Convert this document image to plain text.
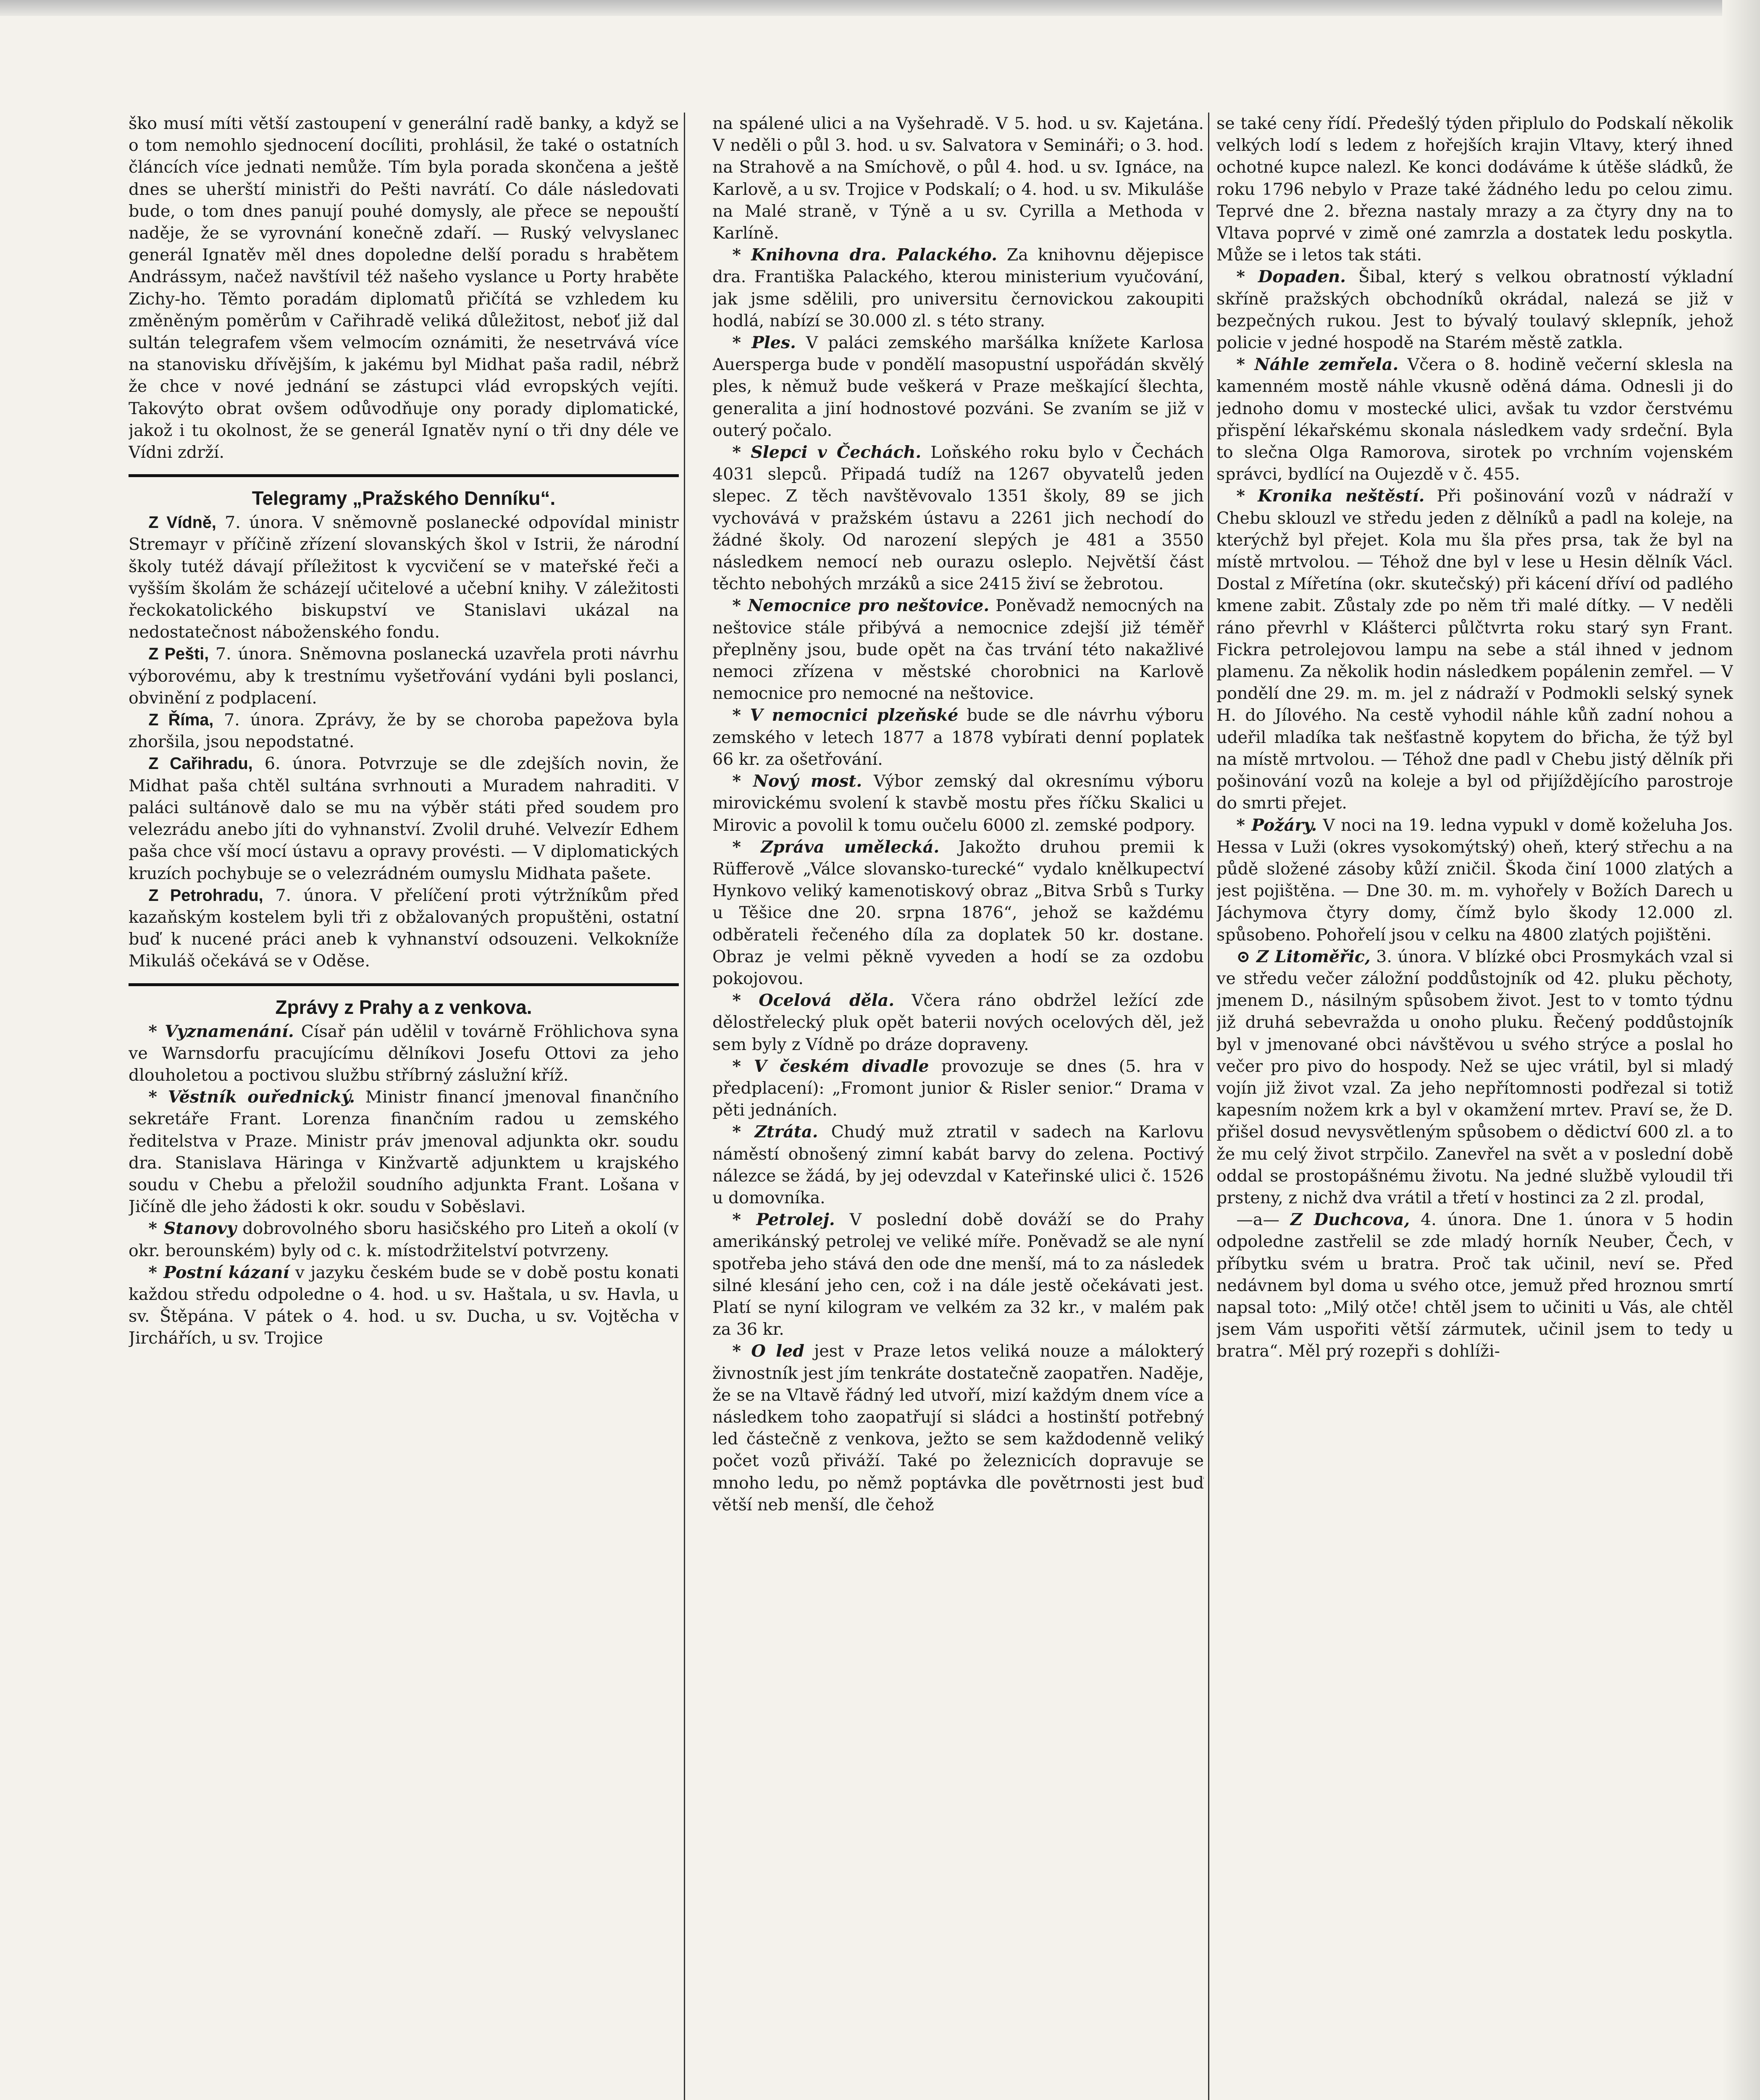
ško musí míti větší zastoupení v generální radě banky, a když se o tom nemohlo sjednocení docíliti, prohlásil, že také o ostatních článcích více jednati nemůže. Tím byla porada skončena a ještě dnes se uherští ministři do Pešti navrátí. Co dále následovati bude, o tom dnes panují pouhé domysly, ale přece se nepouští naděje, že se vyrovnání konečně zdaří. — Ruský velvyslanec generál Ignatěv měl dnes dopoledne delší poradu s hrabětem Andrássym, načež navštívil též našeho vyslance u Porty hraběte Zichy-ho. Těmto poradám diplomatů přičítá se vzhledem ku změněným poměrům v Cařihradě veliká důležitost, neboť již dal sultán telegrafem všem velmocím oznámiti, že nesetrvává více na stanovisku dřívějším, k jakému byl Midhat paša radil, nébrž že chce v nové jednání se zástupci vlád evropských vejíti. Takovýto obrat ovšem odůvodňuje ony porady diplomatické, jakož i tu okolnost, že se generál Ignatěv nyní o tři dny déle ve Vídni zdrží.

Telegramy „Pražského Denníku“.

Z Vídně, 7. února. V sněmovně poslanecké odpovídal ministr Stremayr v příčině zřízení slovanských škol v Istrii, že národní školy tutéž dávají příležitost k vycvičení se v mateřské řeči a vyšším školám že scházejí učitelové a učební knihy. V záležitosti řeckokatolického biskupství ve Stanislavi ukázal na nedostatečnost náboženského fondu.

Z Pešti, 7. února. Sněmovna poslanecká uzavřela proti návrhu výborovému, aby k trestnímu vyšetřování vydáni byli poslanci, obvinění z podplacení.

Z Říma, 7. února. Zprávy, že by se choroba papežova byla zhoršila, jsou nepodstatné.

Z Cařihradu, 6. února. Potvrzuje se dle zdejších novin, že Midhat paša chtěl sultána svrhnouti a Muradem nahraditi. V paláci sultánově dalo se mu na výběr státi před soudem pro velezrádu anebo jíti do vyhnanství. Zvolil druhé. Velvezír Edhem paša chce vší mocí ústavu a opravy provésti. — V diplomatických kruzích pochybuje se o velezrádném oumyslu Midhata pašete.

Z Petrohradu, 7. února. V přelíčení proti výtržníkům před kazaňským kostelem byli tři z obžalovaných propuštěni, ostatní buď k nucené práci aneb k vyhnanství odsouzeni. Velkokníže Mikuláš očekává se v Oděse.

Zprávy z Prahy a z venkova.

* Vyznamenání. Císař pán udělil v továrně Fröhlichova syna ve Warnsdorfu pracujícímu dělníkovi Josefu Ottovi za jeho dlouholetou a poctivou službu stříbrný záslužní kříž.

* Věstník ouřednický. Ministr financí jmenoval finančního sekretáře Frant. Lorenza finančním radou u zemského ředitelstva v Praze. Ministr práv jmenoval adjunkta okr. soudu dra. Stanislava Häringa v Kinžvartě adjunktem u krajského soudu v Chebu a přeložil soudního adjunkta Frant. Lošana v Jičíně dle jeho žádosti k okr. soudu v Soběslavi.

* Stanovy dobrovolného sboru hasičského pro Liteň a okolí (v okr. berounském) byly od c. k. místodržitelství potvrzeny.

* Postní kázaní v jazyku českém bude se v době postu konati každou středu odpoledne o 4. hod. u sv. Haštala, u sv. Havla, u sv. Štěpána. V pátek o 4. hod. u sv. Ducha, u sv. Vojtěcha v Jirchářích, u sv. Trojice

na spálené ulici a na Vyšehradě. V 5. hod. u sv. Kajetána. V neděli o půl 3. hod. u sv. Salvatora v Semináři; o 3. hod. na Strahově a na Smíchově, o půl 4. hod. u sv. Ignáce, na Karlově, a u sv. Trojice v Podskalí; o 4. hod. u sv. Mikuláše na Malé straně, v Týně a u sv. Cyrilla a Methoda v Karlíně.

* Knihovna dra. Palackého. Za knihovnu dějepisce dra. Františka Palackého, kterou ministerium vyučování, jak jsme sdělili, pro universitu černovickou zakoupiti hodlá, nabízí se 30.000 zl. s této strany.

* Ples. V paláci zemského maršálka knížete Karlosa Auersperga bude v pondělí masopustní uspořádán skvělý ples, k němuž bude veškerá v Praze meškající šlechta, generalita a jiní hodnostové pozváni. Se zvaním se již v outerý počalo.

* Slepci v Čechách. Loňského roku bylo v Čechách 4031 slepců. Připadá tudíž na 1267 obyvatelů jeden slepec. Z těch navštěvovalo 1351 školy, 89 se jich vychovává v pražském ústavu a 2261 jich nechodí do žádné školy. Od narození slepých je 481 a 3550 následkem nemocí neb ourazu osleplo. Největší část těchto nebohých mrzáků a sice 2415 živí se žebrotou.

* Nemocnice pro neštovice. Poněvadž nemocných na neštovice stále přibývá a nemocnice zdejší již téměř přeplněny jsou, bude opět na čas trvání této nakažlivé nemoci zřízena v městské chorobnici na Karlově nemocnice pro nemocné na neštovice.

* V nemocnici plzeňské bude se dle návrhu výboru zemského v letech 1877 a 1878 vybírati denní poplatek 66 kr. za ošetřování.

* Nový most. Výbor zemský dal okresnímu výboru mirovickému svolení k stavbě mostu přes říčku Skalici u Mirovic a povolil k tomu oučelu 6000 zl. zemské podpory.

* Zpráva umělecká. Jakožto druhou premii k Rüfferově „Válce slovansko-turecké“ vydalo knělkupectví Hynkovo veliký kamenotiskový obraz „Bitva Srbů s Turky u Těšice dne 20. srpna 1876“, jehož se každému odběrateli řečeného díla za doplatek 50 kr. dostane. Obraz je velmi pěkně vyveden a hodí se za ozdobu pokojovou.

* Ocelová děla. Včera ráno obdržel ležící zde dělostřelecký pluk opět baterii nových ocelových děl, jež sem byly z Vídně po dráze dopraveny.

* V českém divadle provozuje se dnes (5. hra v předplacení): „Fromont junior & Risler senior.“ Drama v pěti jednáních.

* Ztráta. Chudý muž ztratil v sadech na Karlovu náměstí obnošený zimní kabát barvy do zelena. Poctivý nálezce se žádá, by jej odevzdal v Kateřinské ulici č. 1526 u domovníka.

* Petrolej. V poslední době dováží se do Prahy amerikánský petrolej ve veliké míře. Poněvadž se ale nyní spotřeba jeho stává den ode dne menší, má to za následek silné klesání jeho cen, což i na dále jestě očekávati jest. Platí se nyní kilogram ve velkém za 32 kr., v malém pak za 36 kr.

* O led jest v Praze letos veliká nouze a málokterý živnostník jest jím tenkráte dostatečně zaopatřen. Naděje, že se na Vltavě řádný led utvoří, mizí každým dnem více a následkem toho zaopatřují si sládci a hostinští potřebný led částečně z venkova, ježto se sem každodenně veliký počet vozů přiváží. Také po železnicích dopravuje se mnoho ledu, po němž poptávka dle povětrnosti jest buď větší neb menší, dle čehož

se také ceny řídí. Předešlý týden připlulo do Podskalí několik velkých lodí s ledem z hořejších krajin Vltavy, který ihned ochotné kupce nalezl. Ke konci dodáváme k útěše sládků, že roku 1796 nebylo v Praze také žádného ledu po celou zimu. Teprvé dne 2. března nastaly mrazy a za čtyry dny na to Vltava poprvé v zimě oné zamrzla a dostatek ledu poskytla. Může se i letos tak státi.

* Dopaden. Šibal, který s velkou obratností výkladní skříně pražských obchodníků okrádal, nalezá se již v bezpečných rukou. Jest to bývalý toulavý sklepník, jehož policie v jedné hospodě na Starém městě zatkla.

* Náhle zemřela. Včera o 8. hodině večerní sklesla na kamenném mostě náhle vkusně oděná dáma. Odnesli ji do jednoho domu v mostecké ulici, avšak tu vzdor čerstvému přispění lékařskému skonala následkem vady srdeční. Byla to slečna Olga Ramorova, sirotek po vrchním vojenském správci, bydlící na Oujezdě v č. 455.

* Kronika neštěstí. Při pošinování vozů v nádraží v Chebu sklouzl ve středu jeden z dělníků a padl na koleje, na kterýchž byl přejet. Kola mu šla přes prsa, tak že byl na místě mrtvolou. — Téhož dne byl v lese u Hesin dělník Václ. Dostal z Mířetína (okr. skutečský) při kácení dříví od padlého kmene zabit. Zůstaly zde po něm tři malé dítky. — V neděli ráno převrhl v Klášterci půlčtvrta roku starý syn Frant. Fickra petrolejovou lampu na sebe a stál ihned v jednom plamenu. Za několik hodin následkem popálenin zemřel. — V pondělí dne 29. m. m. jel z nádraží v Podmokli selský synek H. do Jílového. Na cestě vyhodil náhle kůň zadní nohou a udeřil mladíka tak nešťastně kopytem do břicha, že týž byl na místě mrtvolou. — Téhož dne padl v Chebu jistý dělník při pošinování vozů na koleje a byl od přijíždějícího parostroje do smrti přejet.

* Požáry. V noci na 19. ledna vypukl v domě koželuha Jos. Hessa v Luži (okres vysokomýtský) oheň, který střechu a na půdě složené zásoby kůží zničil. Škoda činí 1000 zlatých a jest pojištěna. — Dne 30. m. m. vyhořely v Božích Darech u Jáchymova čtyry domy, čímž bylo škody 12.000 zl. spůsobeno. Pohořelí jsou v celku na 4800 zlatých pojištěni.

⊙ Z Litoměřic, 3. února. V blízké obci Prosmykách vzal si ve středu večer záložní poddůstojník od 42. pluku pěchoty, jmenem D., násilným spůsobem život. Jest to v tomto týdnu již druhá sebevražda u onoho pluku. Řečený poddůstojník byl v jmenované obci návštěvou u svého strýce a poslal ho večer pro pivo do hospody. Než se ujec vrátil, byl si mladý vojín již život vzal. Za jeho nepřítomnosti podřezal si totiž kapesním nožem krk a byl v okamžení mrtev. Praví se, že D. přišel dosud nevysvětleným spůsobem o dědictví 600 zl. a to že mu celý život strpčilo. Zanevřel na svět a v poslední době oddal se prostopášnému životu. Na jedné službě vyloudil tři prsteny, z nichž dva vrátil a třetí v hostinci za 2 zl. prodal,

—a— Z Duchcova, 4. února. Dne 1. února v 5 hodin odpoledne zastřelil se zde mladý horník Neuber, Čech, v příbytku svém u bratra. Proč tak učinil, neví se. Před nedávnem byl doma u svého otce, jemuž před hroznou smrtí napsal toto: „Milý otče! chtěl jsem to učiniti u Vás, ale chtěl jsem Vám uspořiti větší zármutek, učinil jsem to tedy u bratra“. Měl prý rozepři s dohlíži-
